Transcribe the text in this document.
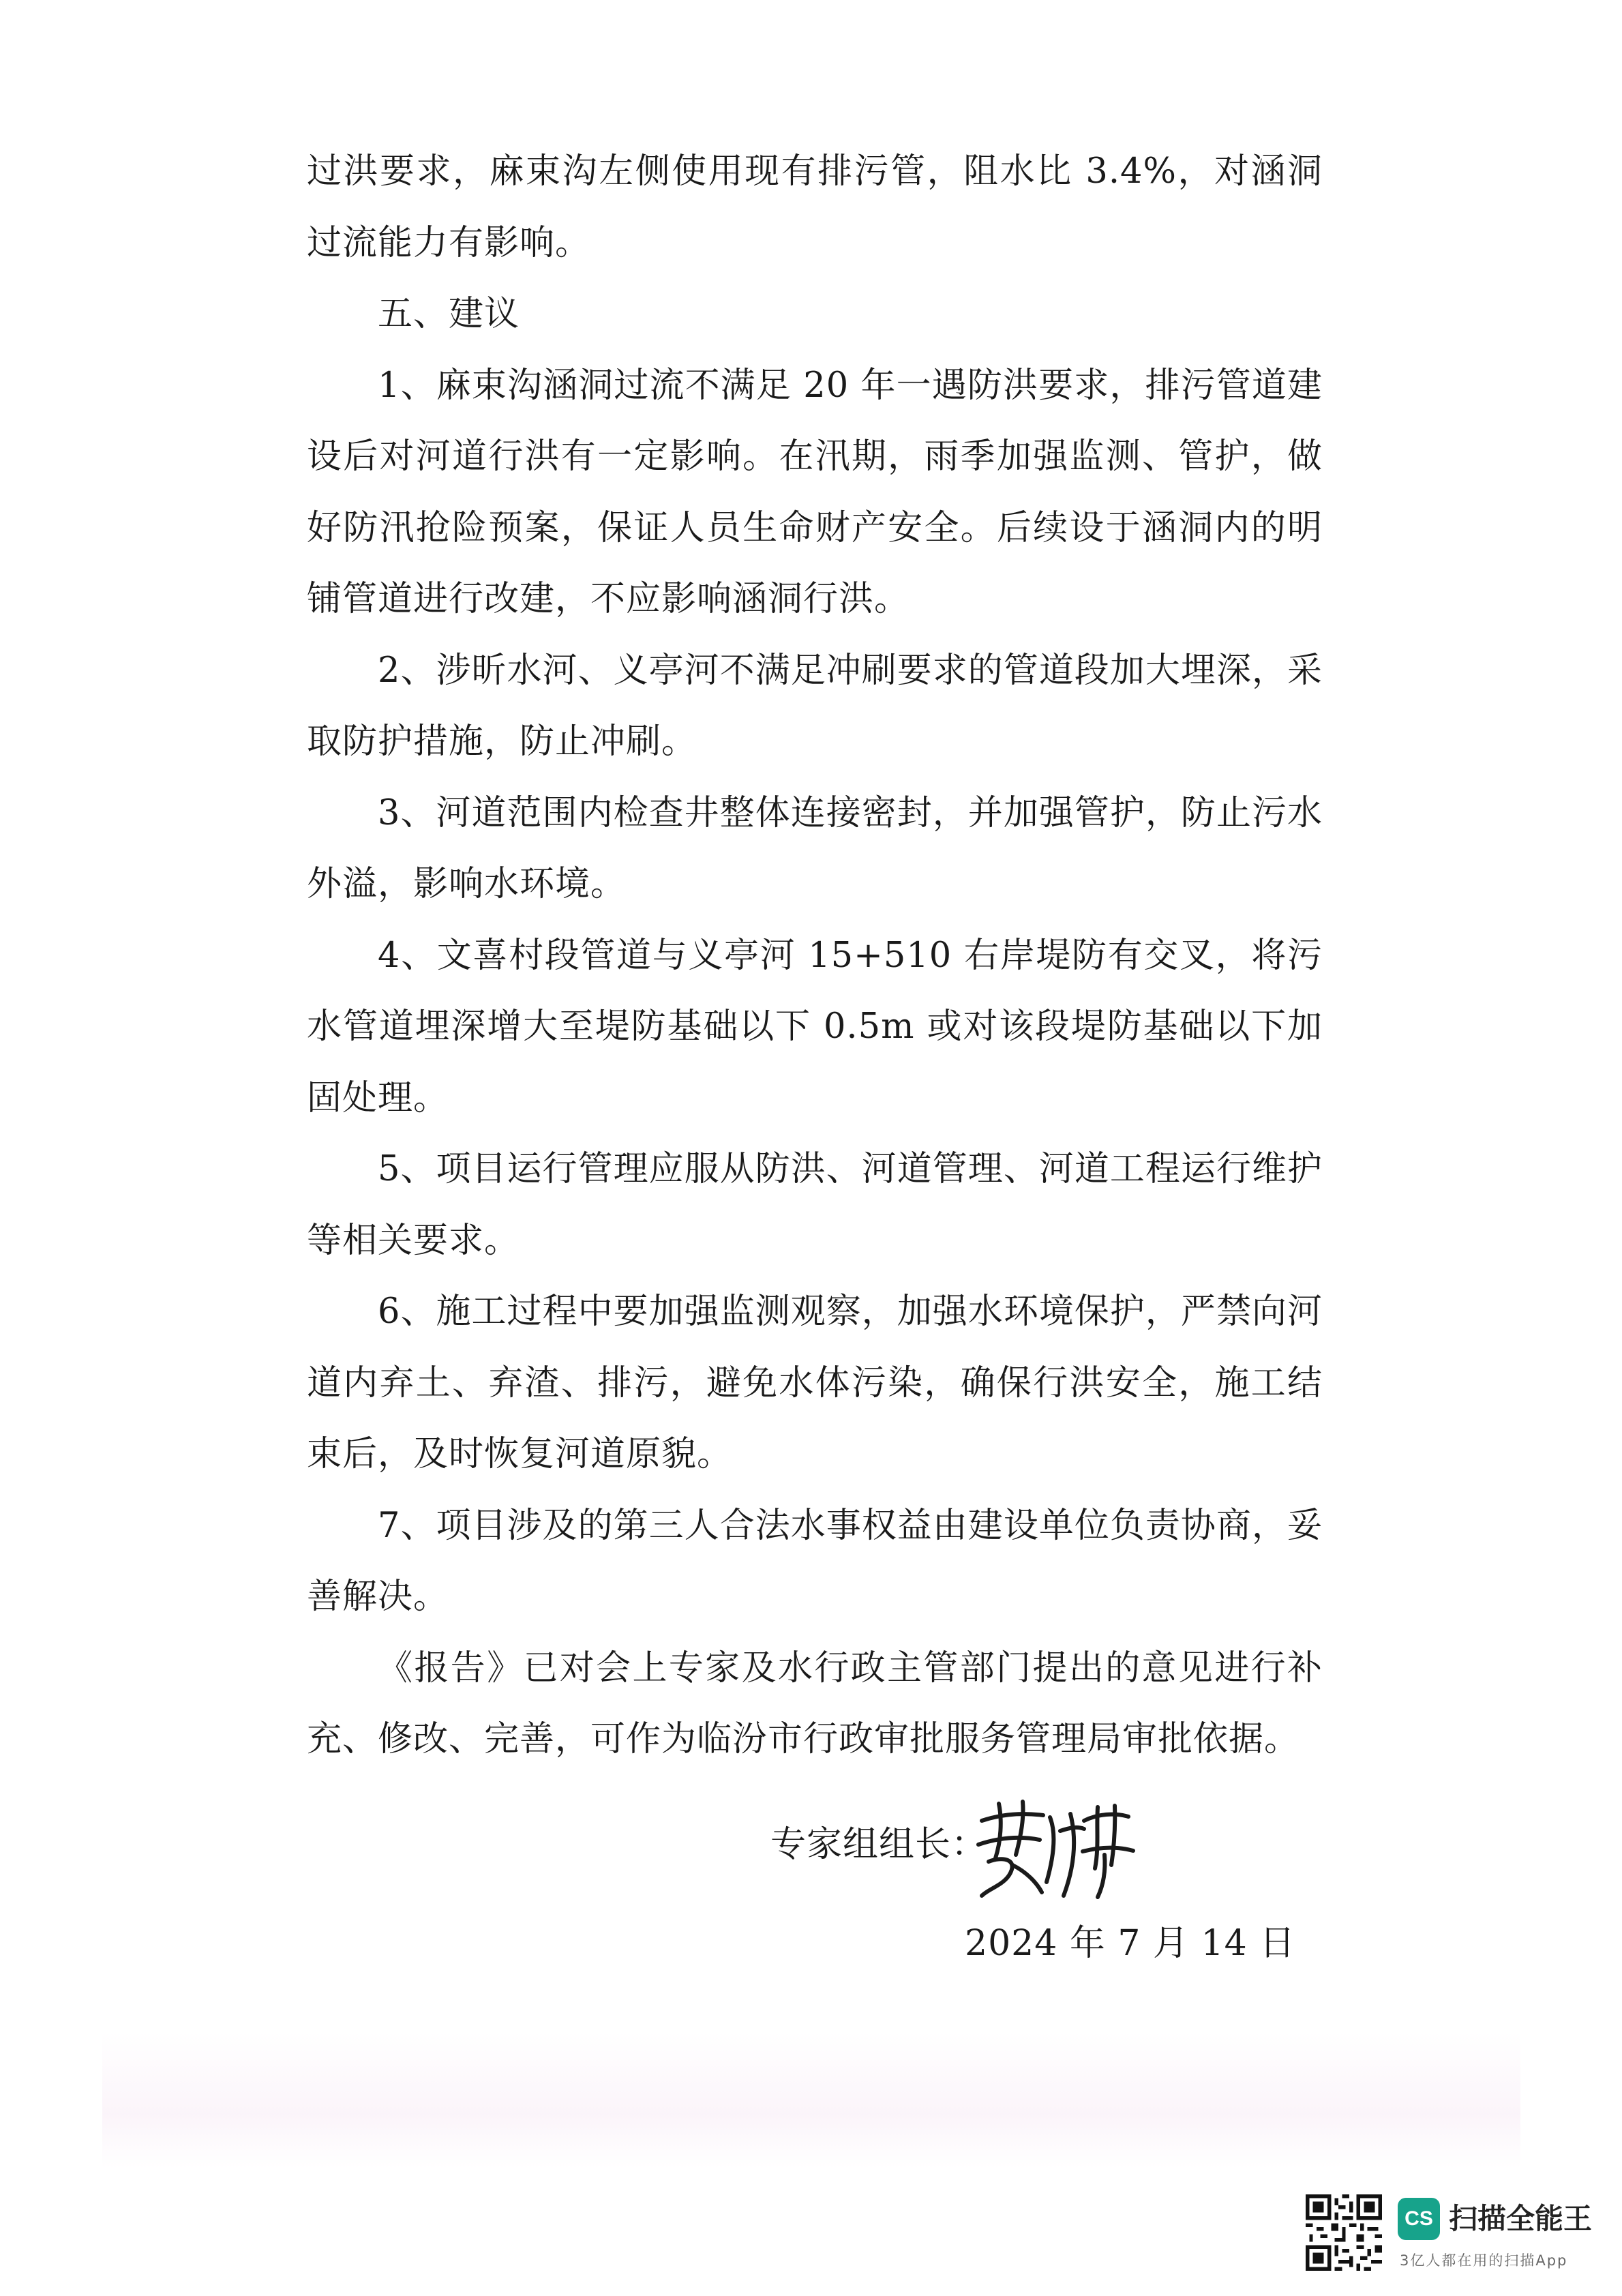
过洪要求，麻束沟左侧使用现有排污管，阻水比 3.4%，对涵洞过流能力有影响。

五、建议

1、麻束沟涵洞过流不满足 20 年一遇防洪要求，排污管道建设后对河道行洪有一定影响。在汛期，雨季加强监测、管护，做好防汛抢险预案，保证人员生命财产安全。后续设于涵洞内的明铺管道进行改建，不应影响涵洞行洪。

2、涉昕水河、义亭河不满足冲刷要求的管道段加大埋深，采取防护措施，防止冲刷。

3、河道范围内检查井整体连接密封，并加强管护，防止污水外溢，影响水环境。

4、文喜村段管道与义亭河 15+510 右岸堤防有交叉，将污水管道埋深增大至堤防基础以下 0.5m 或对该段堤防基础以下加固处理。

5、项目运行管理应服从防洪、河道管理、河道工程运行维护等相关要求。

6、施工过程中要加强监测观察，加强水环境保护，严禁向河道内弃土、弃渣、排污，避免水体污染，确保行洪安全，施工结束后，及时恢复河道原貌。

7、项目涉及的第三人合法水事权益由建设单位负责协商，妥善解决。

《报告》已对会上专家及水行政主管部门提出的意见进行补充、修改、完善，可作为临汾市行政审批服务管理局审批依据。

专家组组长：
2024 年 7 月 14 日
CS 扫描全能王
3亿人都在用的扫描App
